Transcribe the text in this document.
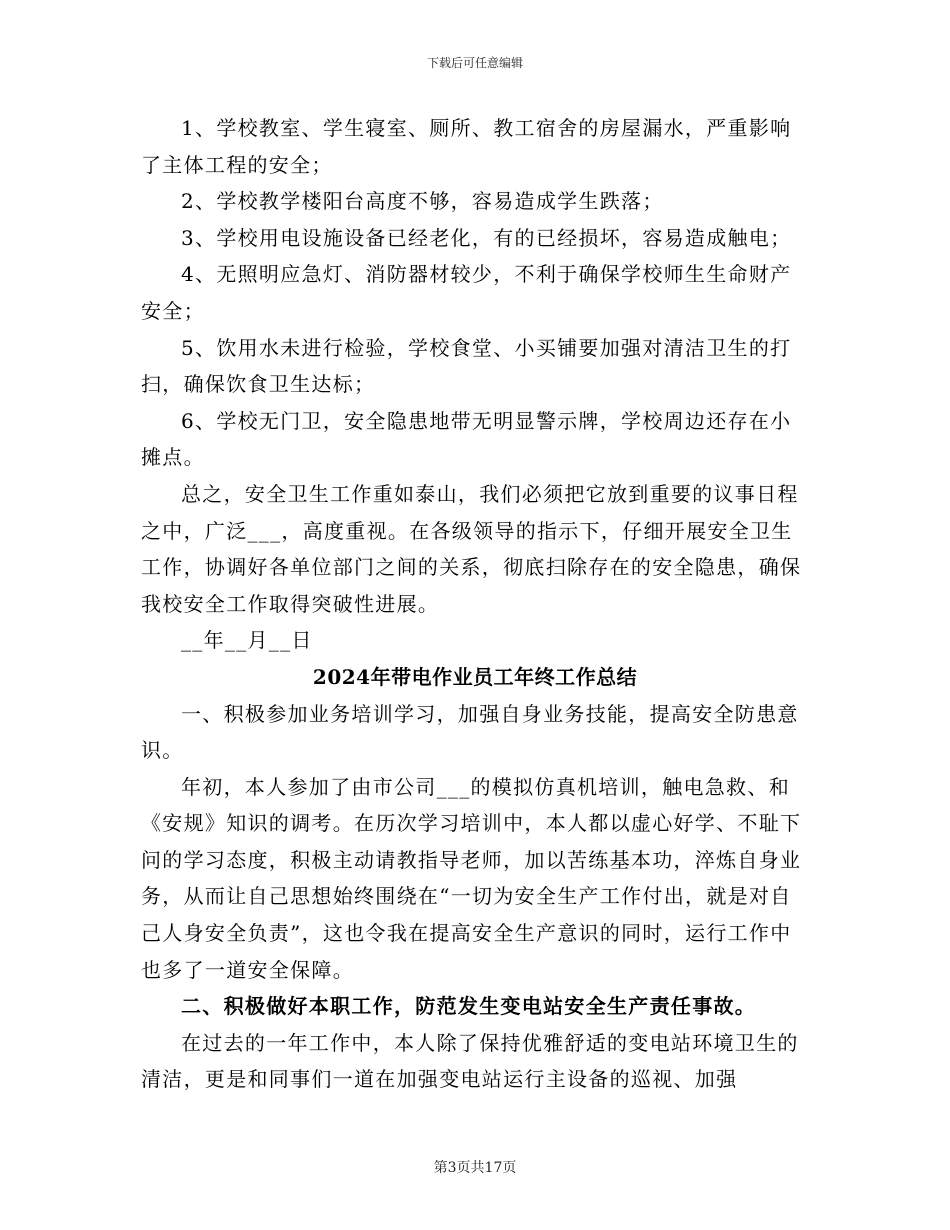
下载后可任意编辑

1、学校教室、学生寝室、厕所、教工宿舍的房屋漏水，严重影响了主体工程的安全；

2、学校教学楼阳台高度不够，容易造成学生跌落；

3、学校用电设施设备已经老化，有的已经损坏，容易造成触电；

4、无照明应急灯、消防器材较少，不利于确保学校师生生命财产安全；

5、饮用水未进行检验，学校食堂、小买铺要加强对清洁卫生的打扫，确保饮食卫生达标；

6、学校无门卫，安全隐患地带无明显警示牌，学校周边还存在小摊点。

总之，安全卫生工作重如泰山，我们必须把它放到重要的议事日程之中，广泛___，高度重视。在各级领导的指示下，仔细开展安全卫生工作，协调好各单位部门之间的关系，彻底扫除存在的安全隐患，确保我校安全工作取得突破性进展。

__年__月__日

2024年带电作业员工年终工作总结

一、积极参加业务培训学习，加强自身业务技能，提高安全防患意识。

年初，本人参加了由市公司___的模拟仿真机培训，触电急救、和《安规》知识的调考。在历次学习培训中，本人都以虚心好学、不耻下问的学习态度，积极主动请教指导老师，加以苦练基本功，淬炼自身业务，从而让自己思想始终围绕在“一切为安全生产工作付出，就是对自己人身安全负责”，这也令我在提高安全生产意识的同时，运行工作中也多了一道安全保障。

二、积极做好本职工作，防范发生变电站安全生产责任事故。

在过去的一年工作中，本人除了保持优雅舒适的变电站环境卫生的清洁，更是和同事们一道在加强变电站运行主设备的巡视、加强

第3页共17页
